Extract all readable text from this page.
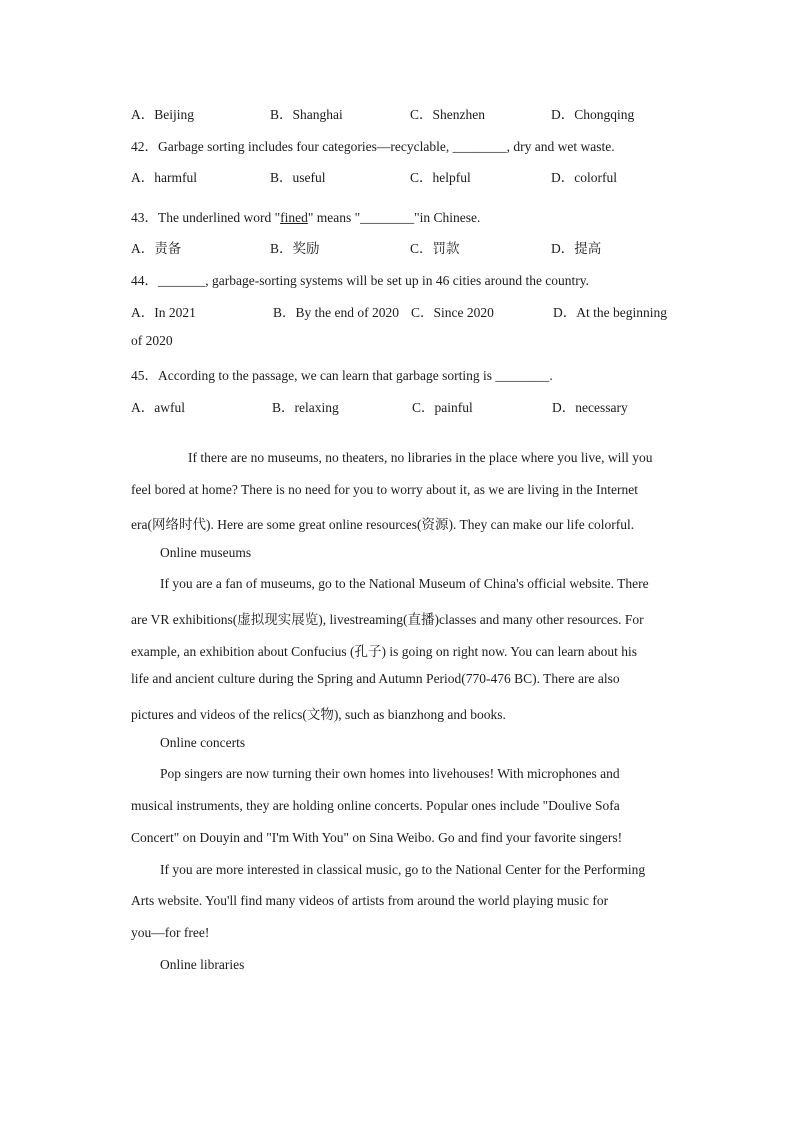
A．Beijing	B．Shanghai	C．Shenzhen	D．Chongqing
42．Garbage sorting includes four categories—recyclable, ________, dry and wet waste.
A．harmful	B．useful	C．helpful	D．colorful
43．The underlined word "fined" means "________"in Chinese.
A．责备	B．奖励	C．罚款	D．提高
44．_______, garbage-sorting systems will be set up in 46 cities around the country.
A．In 2021	B．By the end of 2020 C．Since 2020	D．At the beginning
of 2020
45．According to the passage, we can learn that garbage sorting is ________.
A．awful	B．relaxing	C．painful	D．necessary
If there are no museums, no theaters, no libraries in the place where you live, will you
feel bored at home? There is no need for you to worry about it, as we are living in the Internet
era(网络时代). Here are some great online resources(资源). They can make our life colorful.
Online museums
If you are a fan of museums, go to the National Museum of China's official website. There
are VR exhibitions(虚拟现实展览), livestreaming(直播)classes and many other resources. For
example, an exhibition about Confucius (孔子) is going on right now. You can learn about his
life and ancient culture during the Spring and Autumn Period(770-476 BC). There are also
pictures and videos of the relics(文物), such as bianzhong and books.
Online concerts
Pop singers are now turning their own homes into livehouses! With microphones and
musical instruments, they are holding online concerts. Popular ones include "Doulive Sofa
Concert" on Douyin and "I'm With You" on Sina Weibo. Go and find your favorite singers!
If you are more interested in classical music, go to the National Center for the Performing
Arts website. You'll find many videos of artists from around the world playing music for
you—for free!
Online libraries
